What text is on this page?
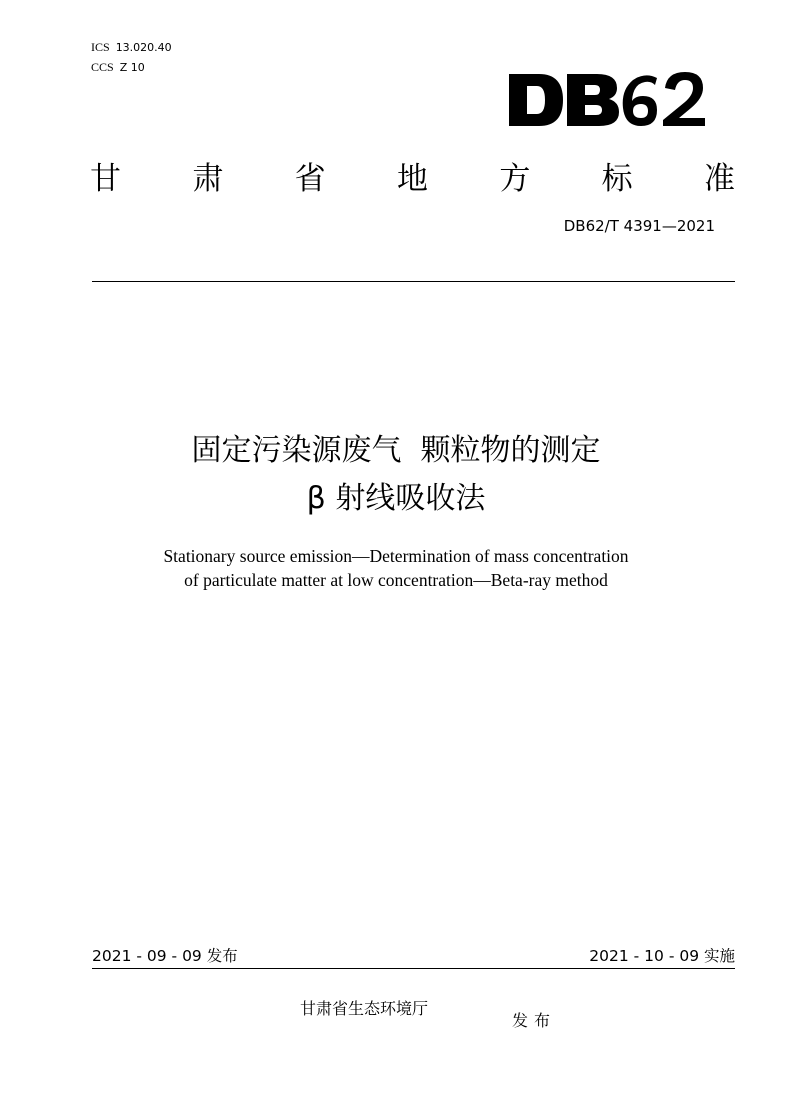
ICS 13.020.40
CCS Z 10
甘 肃 省 地 方 标 准
DB62/T 4391—2021
固定污染源废气  颗粒物的测定
β 射线吸收法
Stationary source emission—Determination of mass concentration
of particulate matter at low concentration—Beta-ray method
2021 - 09 - 09 发布	2021 - 10 - 09 实施
甘肃省生态环境厅
发布
